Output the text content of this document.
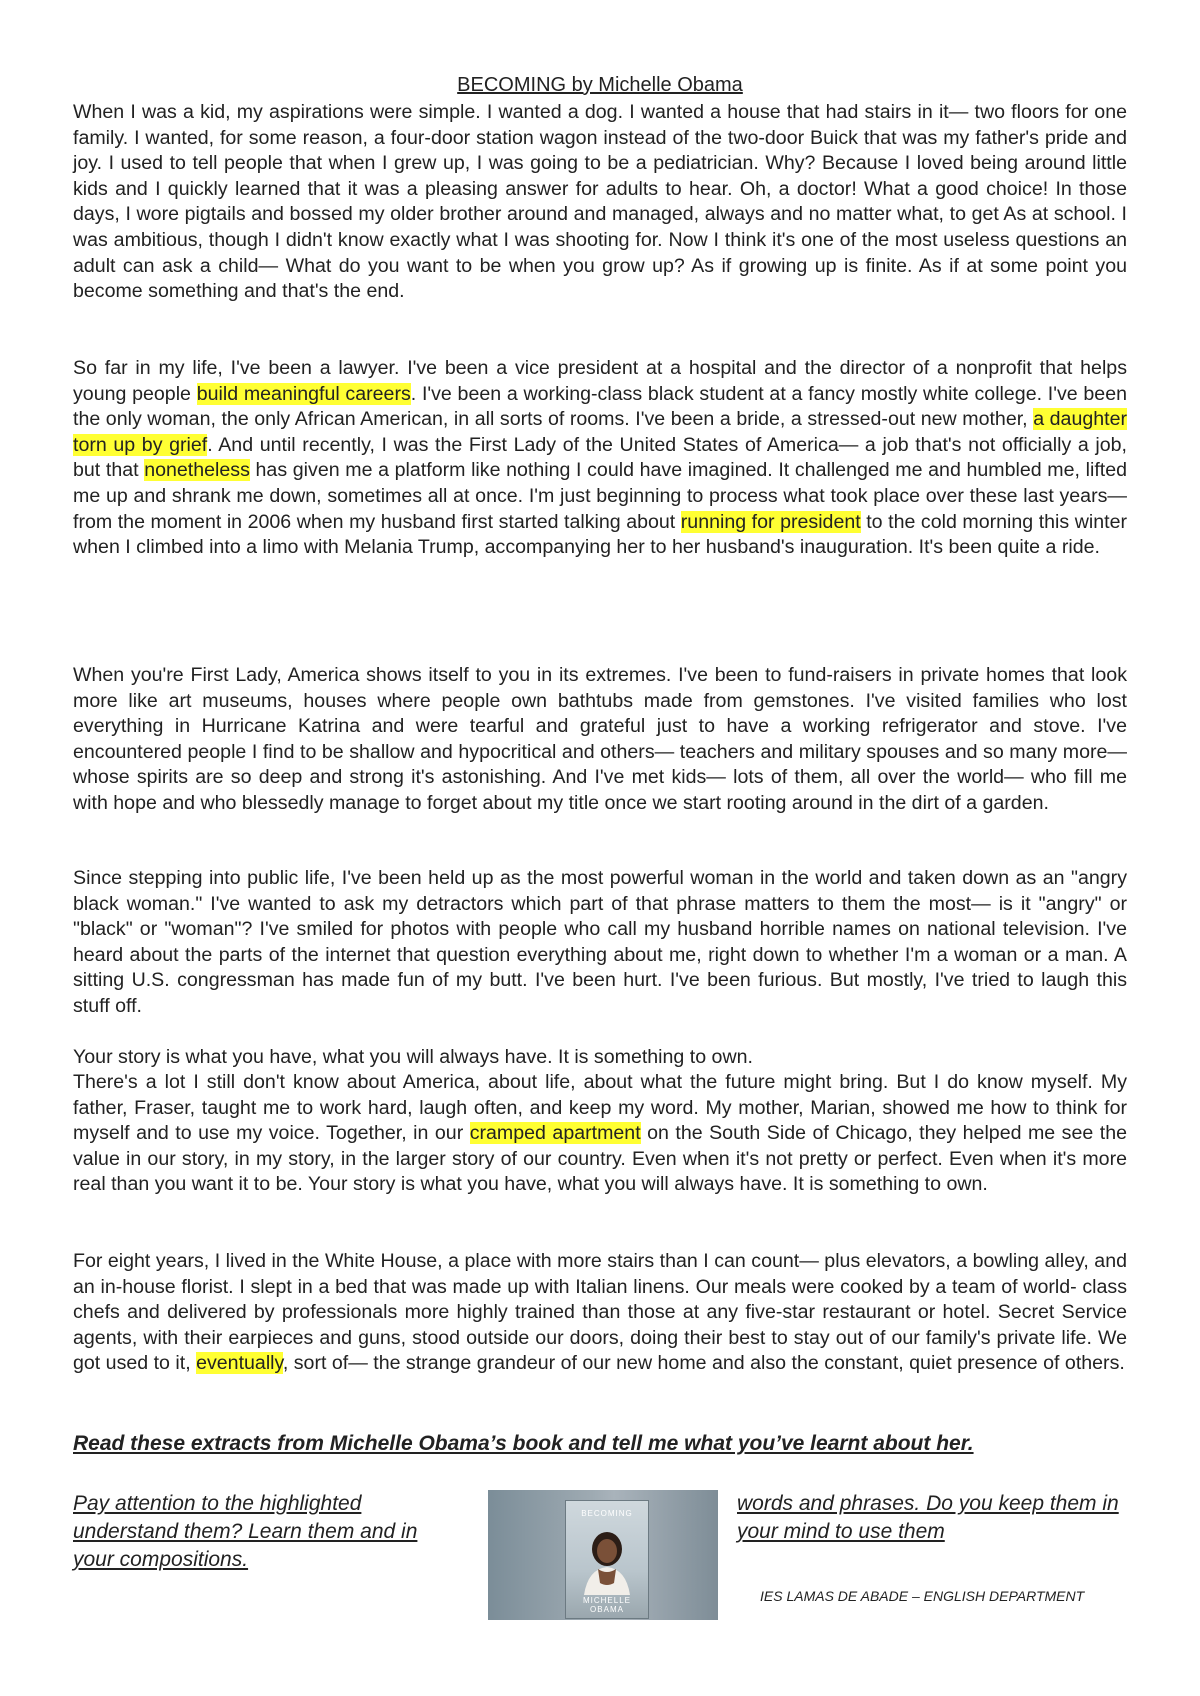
BECOMING by Michelle Obama

When I was a kid, my aspirations were simple. I wanted a dog. I wanted a house that had stairs in it— two floors for one family. I wanted, for some reason, a four-door station wagon instead of the two-door Buick that was my father's pride and joy. I used to tell people that when I grew up, I was going to be a pediatrician. Why? Because I loved being around little kids and I quickly learned that it was a pleasing answer for adults to hear. Oh, a doctor! What a good choice! In those days, I wore pigtails and bossed my older brother around and managed, always and no matter what, to get As at school. I was ambitious, though I didn't know exactly what I was shooting for. Now I think it's one of the most useless questions an adult can ask a child— What do you want to be when you grow up? As if growing up is finite. As if at some point you become something and that's the end.

So far in my life, I've been a lawyer. I've been a vice president at a hospital and the director of a nonprofit that helps young people build meaningful careers. I've been a working-class black student at a fancy mostly white college. I've been the only woman, the only African American, in all sorts of rooms. I've been a bride, a stressed-out new mother, a daughter torn up by grief. And until recently, I was the First Lady of the United States of America— a job that's not officially a job, but that nonetheless has given me a platform like nothing I could have imagined. It challenged me and humbled me, lifted me up and shrank me down, sometimes all at once. I'm just beginning to process what took place over these last years— from the moment in 2006 when my husband first started talking about running for president to the cold morning this winter when I climbed into a limo with Melania Trump, accompanying her to her husband's inauguration. It's been quite a ride.

When you're First Lady, America shows itself to you in its extremes. I've been to fund-raisers in private homes that look more like art museums, houses where people own bathtubs made from gemstones. I've visited families who lost everything in Hurricane Katrina and were tearful and grateful just to have a working refrigerator and stove. I've encountered people I find to be shallow and hypocritical and others— teachers and military spouses and so many more— whose spirits are so deep and strong it's astonishing. And I've met kids— lots of them, all over the world— who fill me with hope and who blessedly manage to forget about my title once we start rooting around in the dirt of a garden.

Since stepping into public life, I've been held up as the most powerful woman in the world and taken down as an "angry black woman." I've wanted to ask my detractors which part of that phrase matters to them the most— is it "angry" or "black" or "woman"? I've smiled for photos with people who call my husband horrible names on national television. I've heard about the parts of the internet that question everything about me, right down to whether I'm a woman or a man. A sitting U.S. congressman has made fun of my butt. I've been hurt. I've been furious. But mostly, I've tried to laugh this stuff off.

Your story is what you have, what you will always have. It is something to own.

There's a lot I still don't know about America, about life, about what the future might bring. But I do know myself. My father, Fraser, taught me to work hard, laugh often, and keep my word. My mother, Marian, showed me how to think for myself and to use my voice. Together, in our cramped apartment on the South Side of Chicago, they helped me see the value in our story, in my story, in the larger story of our country. Even when it's not pretty or perfect. Even when it's more real than you want it to be. Your story is what you have, what you will always have. It is something to own.

For eight years, I lived in the White House, a place with more stairs than I can count— plus elevators, a bowling alley, and an in-house florist. I slept in a bed that was made up with Italian linens. Our meals were cooked by a team of world- class chefs and delivered by professionals more highly trained than those at any five-star restaurant or hotel. Secret Service agents, with their earpieces and guns, stood outside our doors, doing their best to stay out of our family's private life. We got used to it, eventually, sort of— the strange grandeur of our new home and also the constant, quiet presence of others.

Read these extracts from Michelle Obama’s book and tell me what you’ve learnt about her.
Pay attention to the highlighted understand them? Learn them and in your compositions.
BECOMING
MICHELLE
OBAMA
words and phrases. Do you keep them in your mind to use them
IES LAMAS DE ABADE – ENGLISH DEPARTMENT
